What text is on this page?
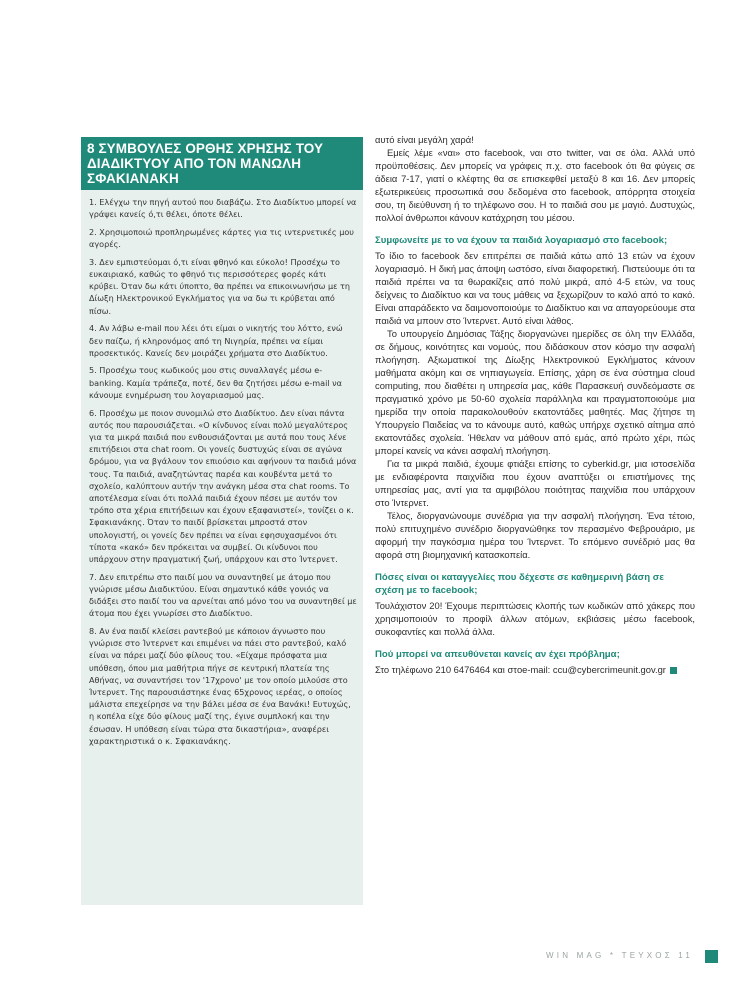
8 ΣΥΜΒΟΥΛΕΣ ΟΡΘΗΣ ΧΡΗΣΗΣ ΤΟΥ ΔΙΑΔΙΚΤΥΟΥ ΑΠΟ ΤΟΝ ΜΑΝΩΛΗ ΣΦΑΚΙΑΝΑΚΗ
1. Ελέγχω την πηγή αυτού που διαβάζω. Στο Διαδίκτυο μπορεί να γράψει κανείς ό,τι θέλει, όποτε θέλει.
2. Χρησιμοποιώ προπληρωμένες κάρτες για τις ιντερνετικές μου αγορές.
3. Δεν εμπιστεύομαι ό,τι είναι φθηνό και εύκολο! Προσέχω το ευκαιριακό, καθώς το φθηνό τις περισσότερες φορές κάτι κρύβει. Όταν δω κάτι ύποπτο, θα πρέπει να επικοινωνήσω με τη Δίωξη Ηλεκτρονικού Εγκλήματος για να δω τι κρύβεται από πίσω.
4. Αν λάβω e-mail που λέει ότι είμαι ο νικητής του λόττο, ενώ δεν παίζω, ή κληρονόμος από τη Νιγηρία, πρέπει να είμαι προσεκτικός. Κανείς δεν μοιράζει χρήματα στο Διαδίκτυο.
5. Προσέχω τους κωδικούς μου στις συναλλαγές μέσω e-banking. Καμία τράπεζα, ποτέ, δεν θα ζητήσει μέσω e-mail να κάνουμε ενημέρωση του λογαριασμού μας.
6. Προσέχω με ποιον συνομιλώ στο Διαδίκτυο. Δεν είναι πάντα αυτός που παρουσιάζεται. «Ο κίνδυνος είναι πολύ μεγαλύτερος για τα μικρά παιδιά που ενθουσιάζονται με αυτά που τους λένε επιτήδειοι στα chat room. Οι γονείς δυστυχώς είναι σε αγώνα δρόμου, για να βγάλουν τον επιούσιο και αφήνουν τα παιδιά μόνα τους. Τα παιδιά, αναζητώντας παρέα και κουβέντα μετά το σχολείο, καλύπτουν αυτήν την ανάγκη μέσα στα chat rooms. Το αποτέλεσμα είναι ότι πολλά παιδιά έχουν πέσει με αυτόν τον τρόπο στα χέρια επιτήδειων και έχουν εξαφανιστεί», τονίζει ο κ. Σφακιανάκης. Όταν το παιδί βρίσκεται μπροστά στον υπολογιστή, οι γονείς δεν πρέπει να είναι εφησυχασμένοι ότι τίποτα «κακό» δεν πρόκειται να συμβεί. Οι κίνδυνοι που υπάρχουν στην πραγματική ζωή, υπάρχουν και στο Ίντερνετ.
7. Δεν επιτρέπω στο παιδί μου να συναντηθεί με άτομο που γνώρισε μέσω Διαδικτύου. Είναι σημαντικό κάθε γονιός να διδάξει στο παιδί του να αρνείται από μόνο του να συναντηθεί με άτομα που έχει γνωρίσει στο Διαδίκτυο.
8. Αν ένα παιδί κλείσει ραντεβού με κάποιον άγνωστο που γνώρισε στο Ίντερνετ και επιμένει να πάει στο ραντεβού, καλό είναι να πάρει μαζί δύο φίλους του. «Είχαμε πρόσφατα μια υπόθεση, όπου μια μαθήτρια πήγε σε κεντρική πλατεία της Αθήνας, να συναντήσει τον '17χρονο' με τον οποίο μιλούσε στο Ίντερνετ. Της παρουσιάστηκε ένας 65χρονος ιερέας, ο οποίος μάλιστα επεχείρησε να την βάλει μέσα σε ένα Βανάκι! Ευτυχώς, η κοπέλα είχε δύο φίλους μαζί της, έγινε συμπλοκή και την έσωσαν. Η υπόθεση είναι τώρα στα δικαστήρια», αναφέρει χαρακτηριστικά ο κ. Σφακιανάκης.

αυτό είναι μεγάλη χαρά!

Εμείς λέμε «ναι» στο facebook, ναι στο twitter, ναι σε όλα. Αλλά υπό προϋποθέσεις. Δεν μπορείς να γράφεις π.χ. στο facebook ότι θα φύγεις σε άδεια 7-17, γιατί ο κλέφτης θα σε επισκεφθεί μεταξύ 8 και 16. Δεν μπορείς εξωτερικεύεις προσωπικά σου δεδομένα στο facebook, απόρρητα στοιχεία σου, τη διεύθυνση ή το τηλέφωνο σου. Η το παιδιά σου με μαγιό. Δυστυχώς, πολλοί άνθρωποι κάνουν κατάχρηση του μέσου.

Συμφωνείτε με το να έχουν τα παιδιά λογαριασμό στο facebook;

Το ίδιο το facebook δεν επιτρέπει σε παιδιά κάτω από 13 ετών να έχουν λογαριασμό. Η δική μας άποψη ωστόσο, είναι διαφορετική. Πιστεύουμε ότι τα παιδιά πρέπει να τα θωρακίζεις από πολύ μικρά, από 4-5 ετών, να τους δείχνεις το Διαδίκτυο και να τους μάθεις να ξεχωρίζουν το καλό από το κακό. Είναι απαράδεκτο να δαιμονοποιούμε το Διαδίκτυο και να απαγορεύουμε στα παιδιά να μπουν στο Ίντερνετ. Αυτό είναι λάθος.

Το υπουργείο Δημόσιας Τάξης διοργανώνει ημερίδες σε όλη την Ελλάδα, σε δήμους, κοινότητες και νομούς, που διδάσκουν στον κόσμο την ασφαλή πλοήγηση. Αξιωματικοί της Δίωξης Ηλεκτρονικού Εγκλήματος κάνουν μαθήματα ακόμη και σε νηπιαγωγεία. Επίσης, χάρη σε ένα σύστημα cloud computing, που διαθέτει η υπηρεσία μας, κάθε Παρασκευή συνδεόμαστε σε πραγματικό χρόνο με 50-60 σχολεία παράλληλα και πραγματοποιούμε μια ημερίδα την οποία παρακολουθούν εκατοντάδες μαθητές. Μας ζήτησε τη Υπουργείο Παιδείας να το κάνουμε αυτό, καθώς υπήρχε σχετικό αίτημα από εκατοντάδες σχολεία. Ήθελαν να μάθουν από εμάς, από πρώτο χέρι, πώς μπορεί κανείς να κάνει ασφαλή πλοήγηση.

Για τα μικρά παιδιά, έχουμε φτιάξει επίσης το cyberkid.gr, μια ιστοσελίδα με ενδιαφέροντα παιχνίδια που έχουν αναπτύξει οι επιστήμονες της υπηρεσίας μας, αντί για τα αμφιβόλου ποιότητας παιχνίδια που υπάρχουν στο Ίντερνετ.

Τέλος, διοργανώνουμε συνέδρια για την ασφαλή πλοήγηση. Ένα τέτοιο, πολύ επιτυχημένο συνέδριο διοργανώθηκε τον περασμένο Φεβρουάριο, με αφορμή την παγκόσμια ημέρα του Ίντερνετ. Το επόμενο συνέδριό μας θα αφορά στη βιομηχανική κατασκοπεία.

Πόσες είναι οι καταγγελίες που δέχεστε σε καθημερινή βάση σε σχέση με το facebook;

Τουλάχιστον 20! Έχουμε περιπτώσεις κλοπής των κωδικών από χάκερς που χρησιμοποιούν το προφίλ άλλων ατόμων, εκβιάσεις μέσω facebook, συκοφαντίες και πολλά άλλα.

Πού μπορεί να απευθύνεται κανείς αν έχει πρόβλημα;

Στο τηλέφωνο 210 6476464 και στoe-mail: ccu@cybercrimeunit.gov.gr

WIN MAG * ΤΕΥΧΟΣ 11
